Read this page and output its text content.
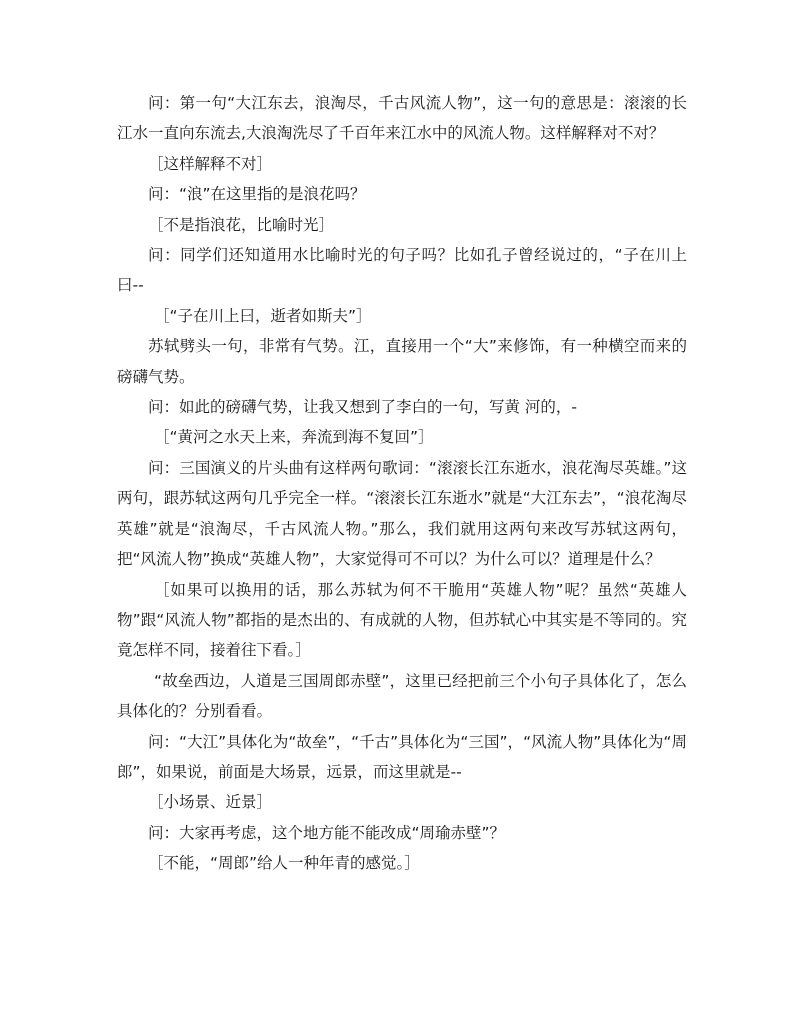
问：第一句“大江东去，浪淘尽，千古风流人物”，这一句的意思是：滚滚的长江水一直向东流去,大浪淘洗尽了千百年来江水中的风流人物。这样解释对不对？

［这样解释不对］

问：“浪”在这里指的是浪花吗？

［不是指浪花，比喻时光］

问：同学们还知道用水比喻时光的句子吗？比如孔子曾经说过的，“子在川上曰--

［“子在川上曰，逝者如斯夫”］

苏轼劈头一句，非常有气势。江，直接用一个“大”来修饰，有一种横空而来的磅礴气势。

问：如此的磅礴气势，让我又想到了李白的一句，写黄 河的，-

［“黄河之水天上来，奔流到海不复回”］

问：三国演义的片头曲有这样两句歌词：“滚滚长江东逝水，浪花淘尽英雄。”这两句，跟苏轼这两句几乎完全一样。“滚滚长江东逝水”就是“大江东去”，“浪花淘尽英雄”就是“浪淘尽，千古风流人物。”那么，我们就用这两句来改写苏轼这两句，把“风流人物”换成“英雄人物”，大家觉得可不可以？为什么可以？道理是什么？

［如果可以换用的话，那么苏轼为何不干脆用“英雄人物”呢？虽然“英雄人物”跟“风流人物”都指的是杰出的、有成就的人物，但苏轼心中其实是不等同的。究竟怎样不同，接着往下看。］

“故垒西边，人道是三国周郎赤壁”，这里已经把前三个小句子具体化了，怎么具体化的？分别看看。

问：“大江”具体化为“故垒”，“千古”具体化为“三国”，“风流人物”具体化为“周郎”，如果说，前面是大场景，远景，而这里就是--

［小场景、近景］

问：大家再考虑，这个地方能不能改成“周瑜赤壁”？

［不能，“周郎”给人一种年青的感觉。］
